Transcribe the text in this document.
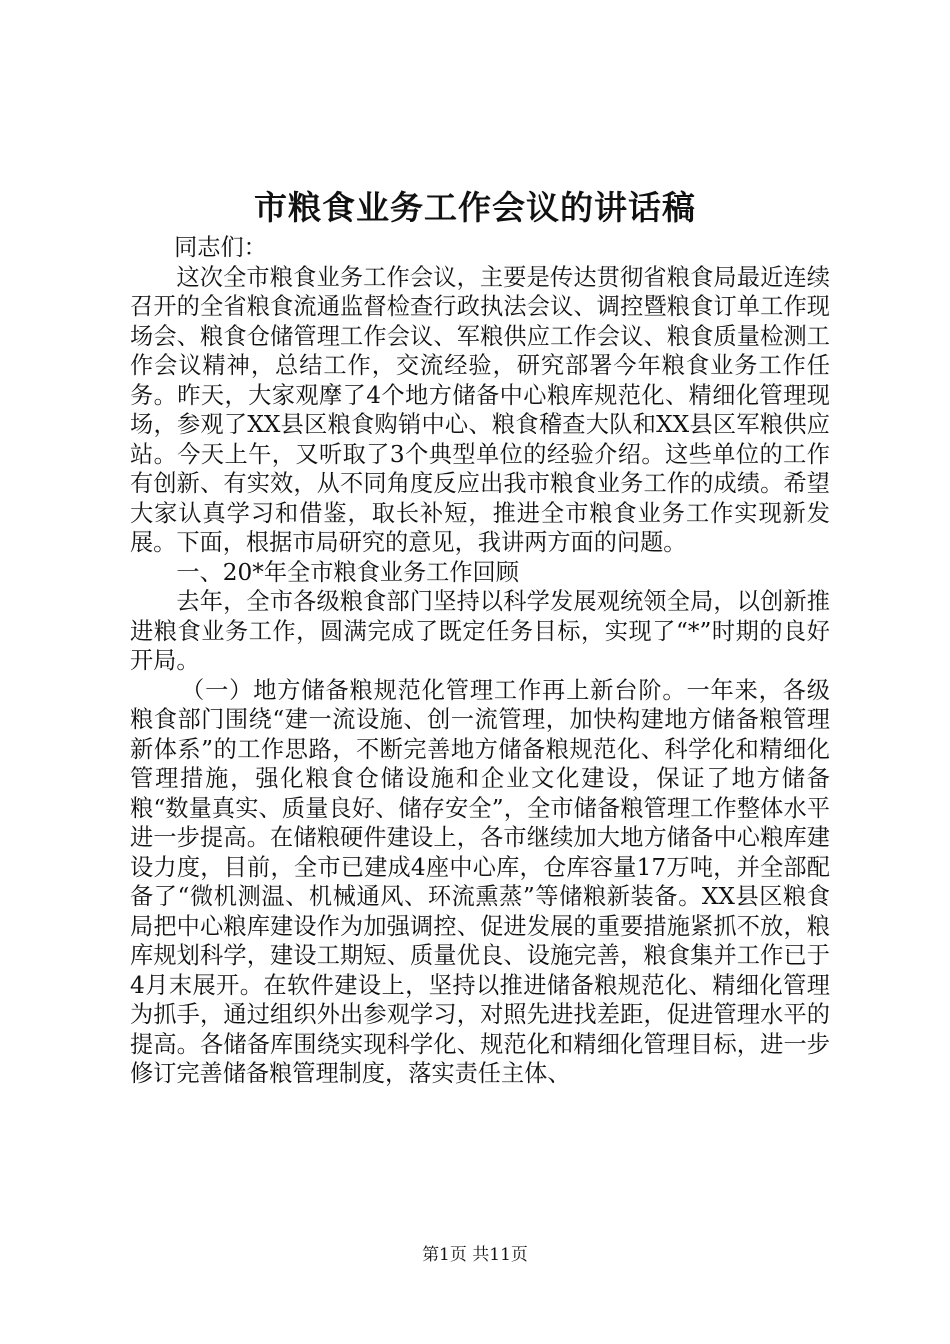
市粮食业务工作会议的讲话稿

同志们：

这次全市粮食业务工作会议，主要是传达贯彻省粮食局最近连续召开的全省粮食流通监督检查行政执法会议、调控暨粮食订单工作现场会、粮食仓储管理工作会议、军粮供应工作会议、粮食质量检测工作会议精神，总结工作，交流经验，研究部署今年粮食业务工作任务。昨天，大家观摩了4个地方储备中心粮库规范化、精细化管理现场，参观了XX县区粮食购销中心、粮食稽查大队和XX县区军粮供应站。今天上午，又听取了3个典型单位的经验介绍。这些单位的工作有创新、有实效，从不同角度反应出我市粮食业务工作的成绩。希望大家认真学习和借鉴，取长补短，推进全市粮食业务工作实现新发展。下面，根据市局研究的意见，我讲两方面的问题。

一、20*年全市粮食业务工作回顾

去年，全市各级粮食部门坚持以科学发展观统领全局，以创新推进粮食业务工作，圆满完成了既定任务目标，实现了“*”时期的良好开局。

（一）地方储备粮规范化管理工作再上新台阶。一年来，各级粮食部门围绕“建一流设施、创一流管理，加快构建地方储备粮管理新体系”的工作思路，不断完善地方储备粮规范化、科学化和精细化管理措施，强化粮食仓储设施和企业文化建设，保证了地方储备粮“数量真实、质量良好、储存安全”，全市储备粮管理工作整体水平进一步提高。在储粮硬件建设上，各市继续加大地方储备中心粮库建设力度，目前，全市已建成4座中心库，仓库容量17万吨，并全部配备了“微机测温、机械通风、环流熏蒸”等储粮新装备。XX县区粮食局把中心粮库建设作为加强调控、促进发展的重要措施紧抓不放，粮库规划科学，建设工期短、质量优良、设施完善，粮食集并工作已于4月末展开。在软件建设上，坚持以推进储备粮规范化、精细化管理为抓手，通过组织外出参观学习，对照先进找差距，促进管理水平的提高。各储备库围绕实现科学化、规范化和精细化管理目标，进一步修订完善储备粮管理制度，落实责任主体、

第1页 共11页
